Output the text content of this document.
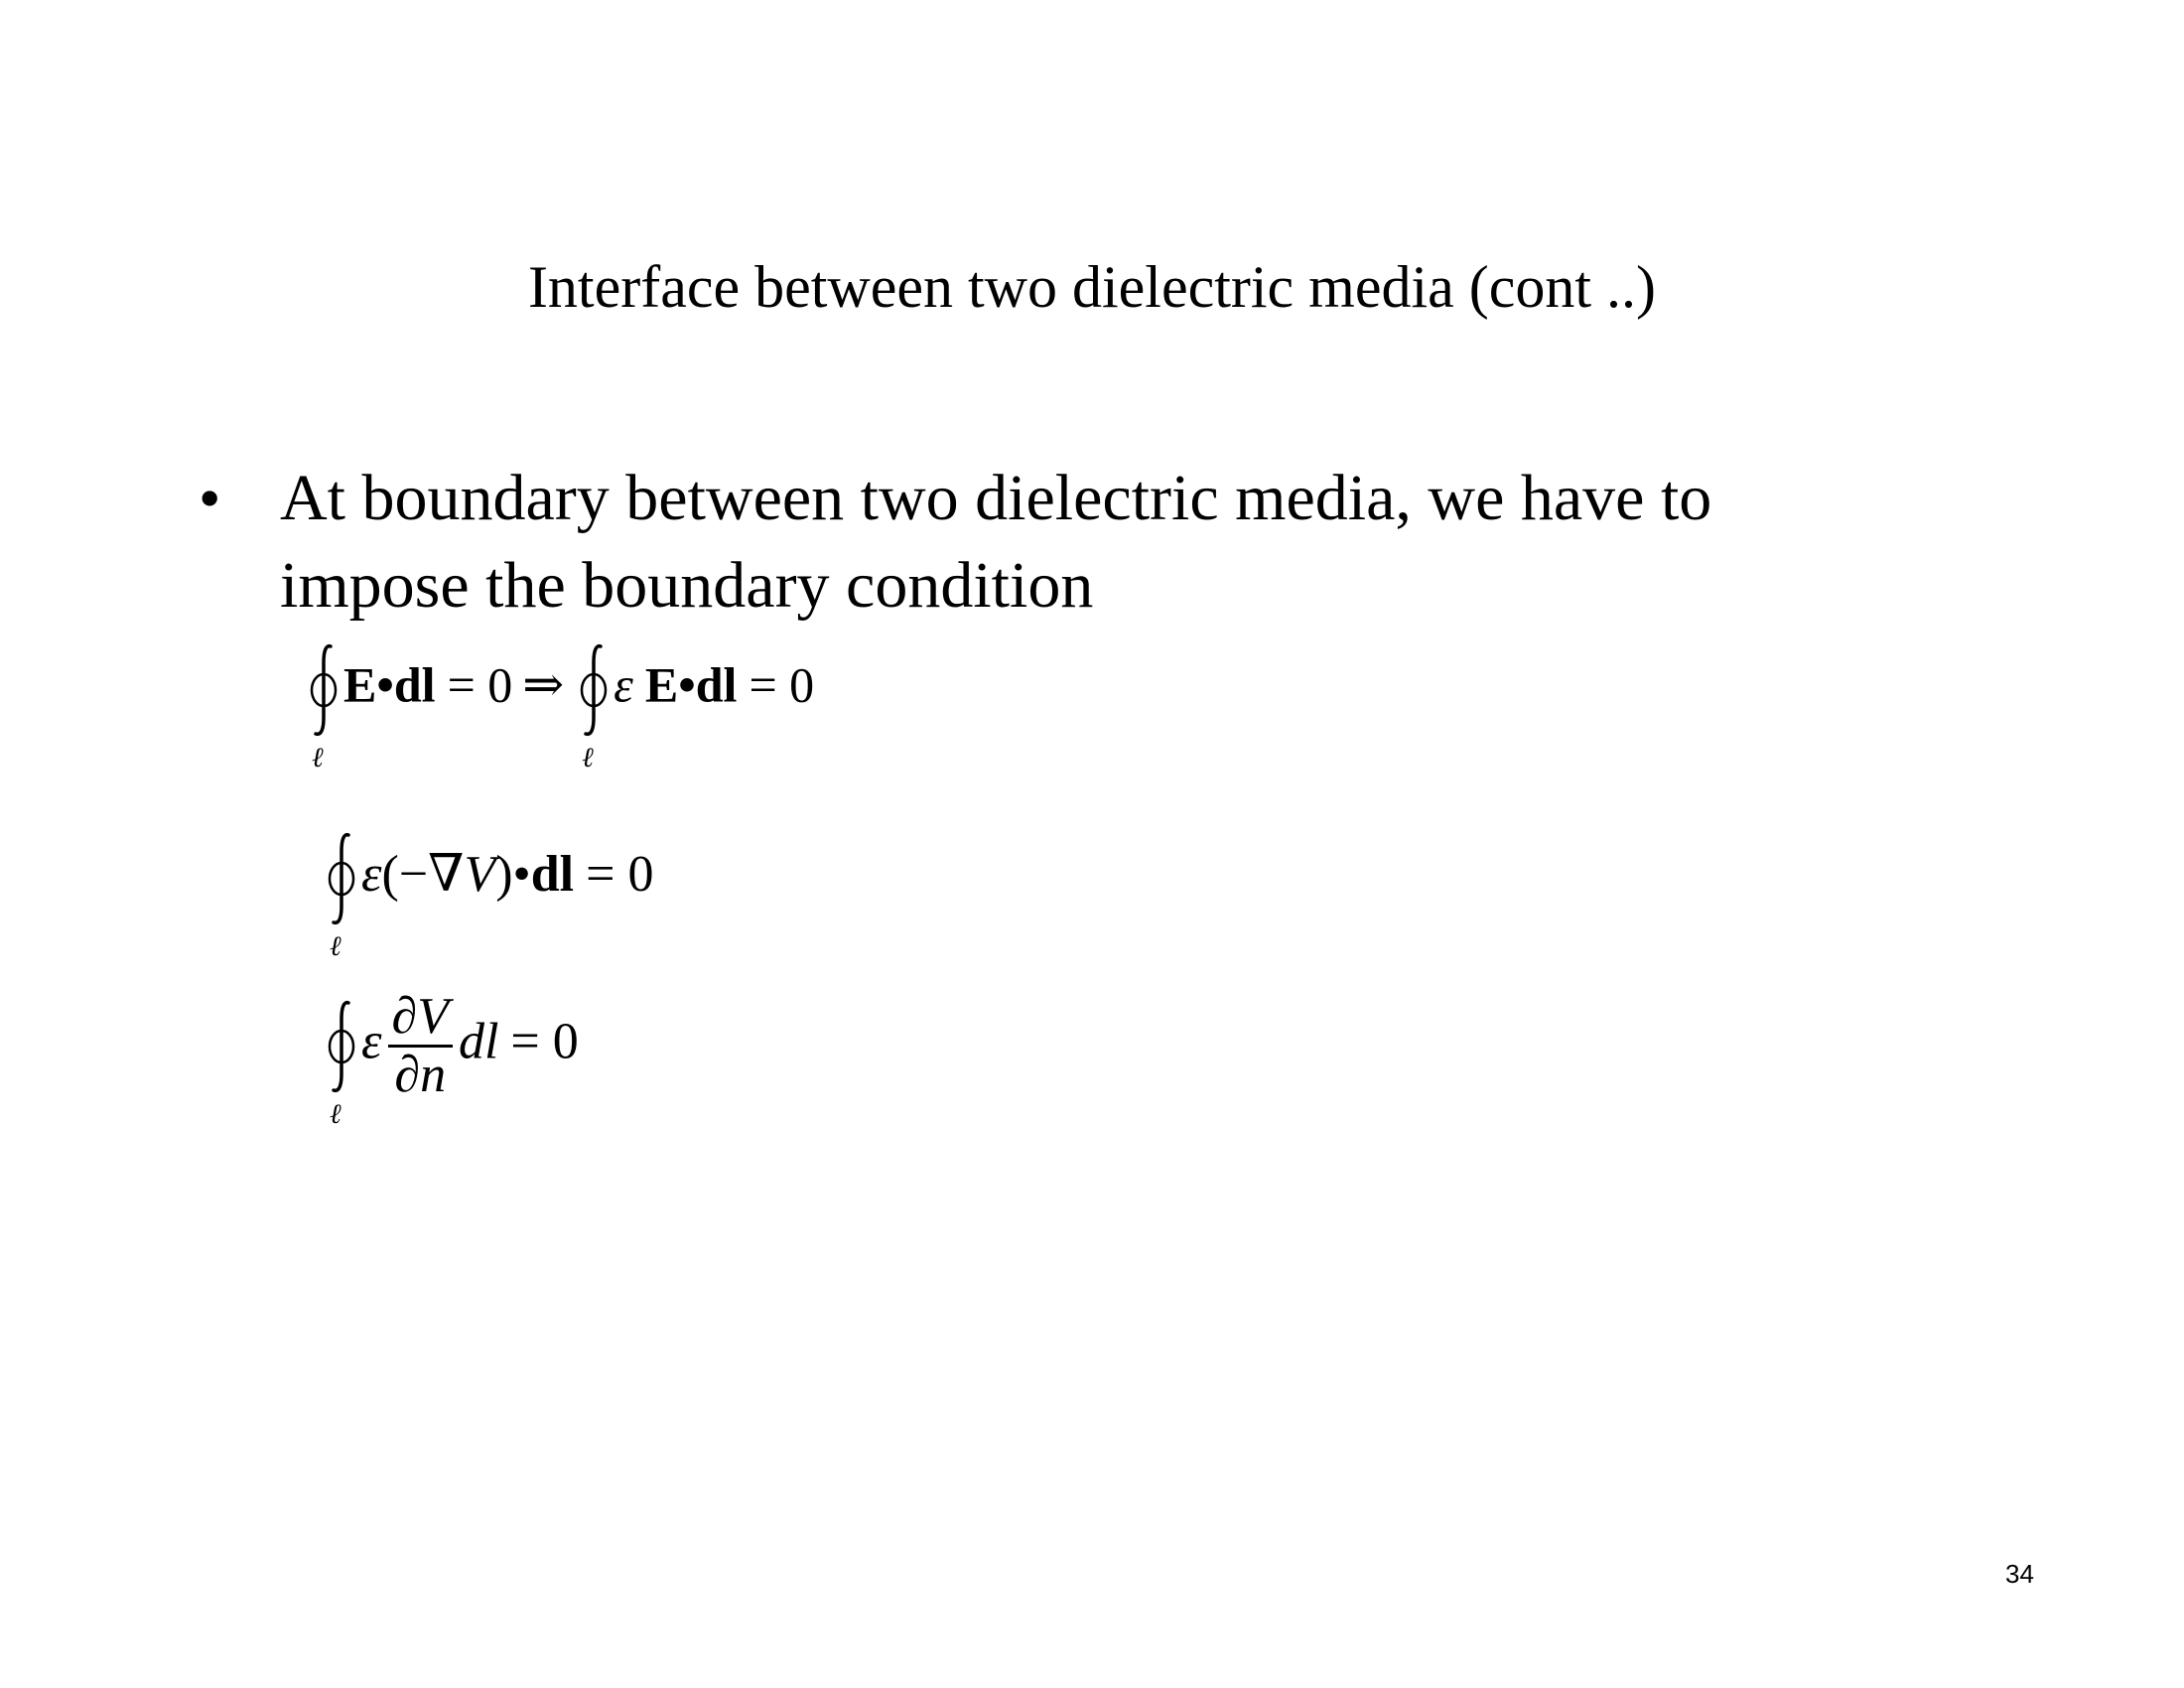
Interface between two dielectric media (cont ..)
• At boundary between two dielectric media, we have to impose the boundary condition
ℓ
E•dl = 0 ⇒
ℓ
ε E•dl = 0
ℓ
ε(−∇V)•dl = 0
ℓ
ε $\frac{\partial V}{\partial n}$ dl = 0
34
